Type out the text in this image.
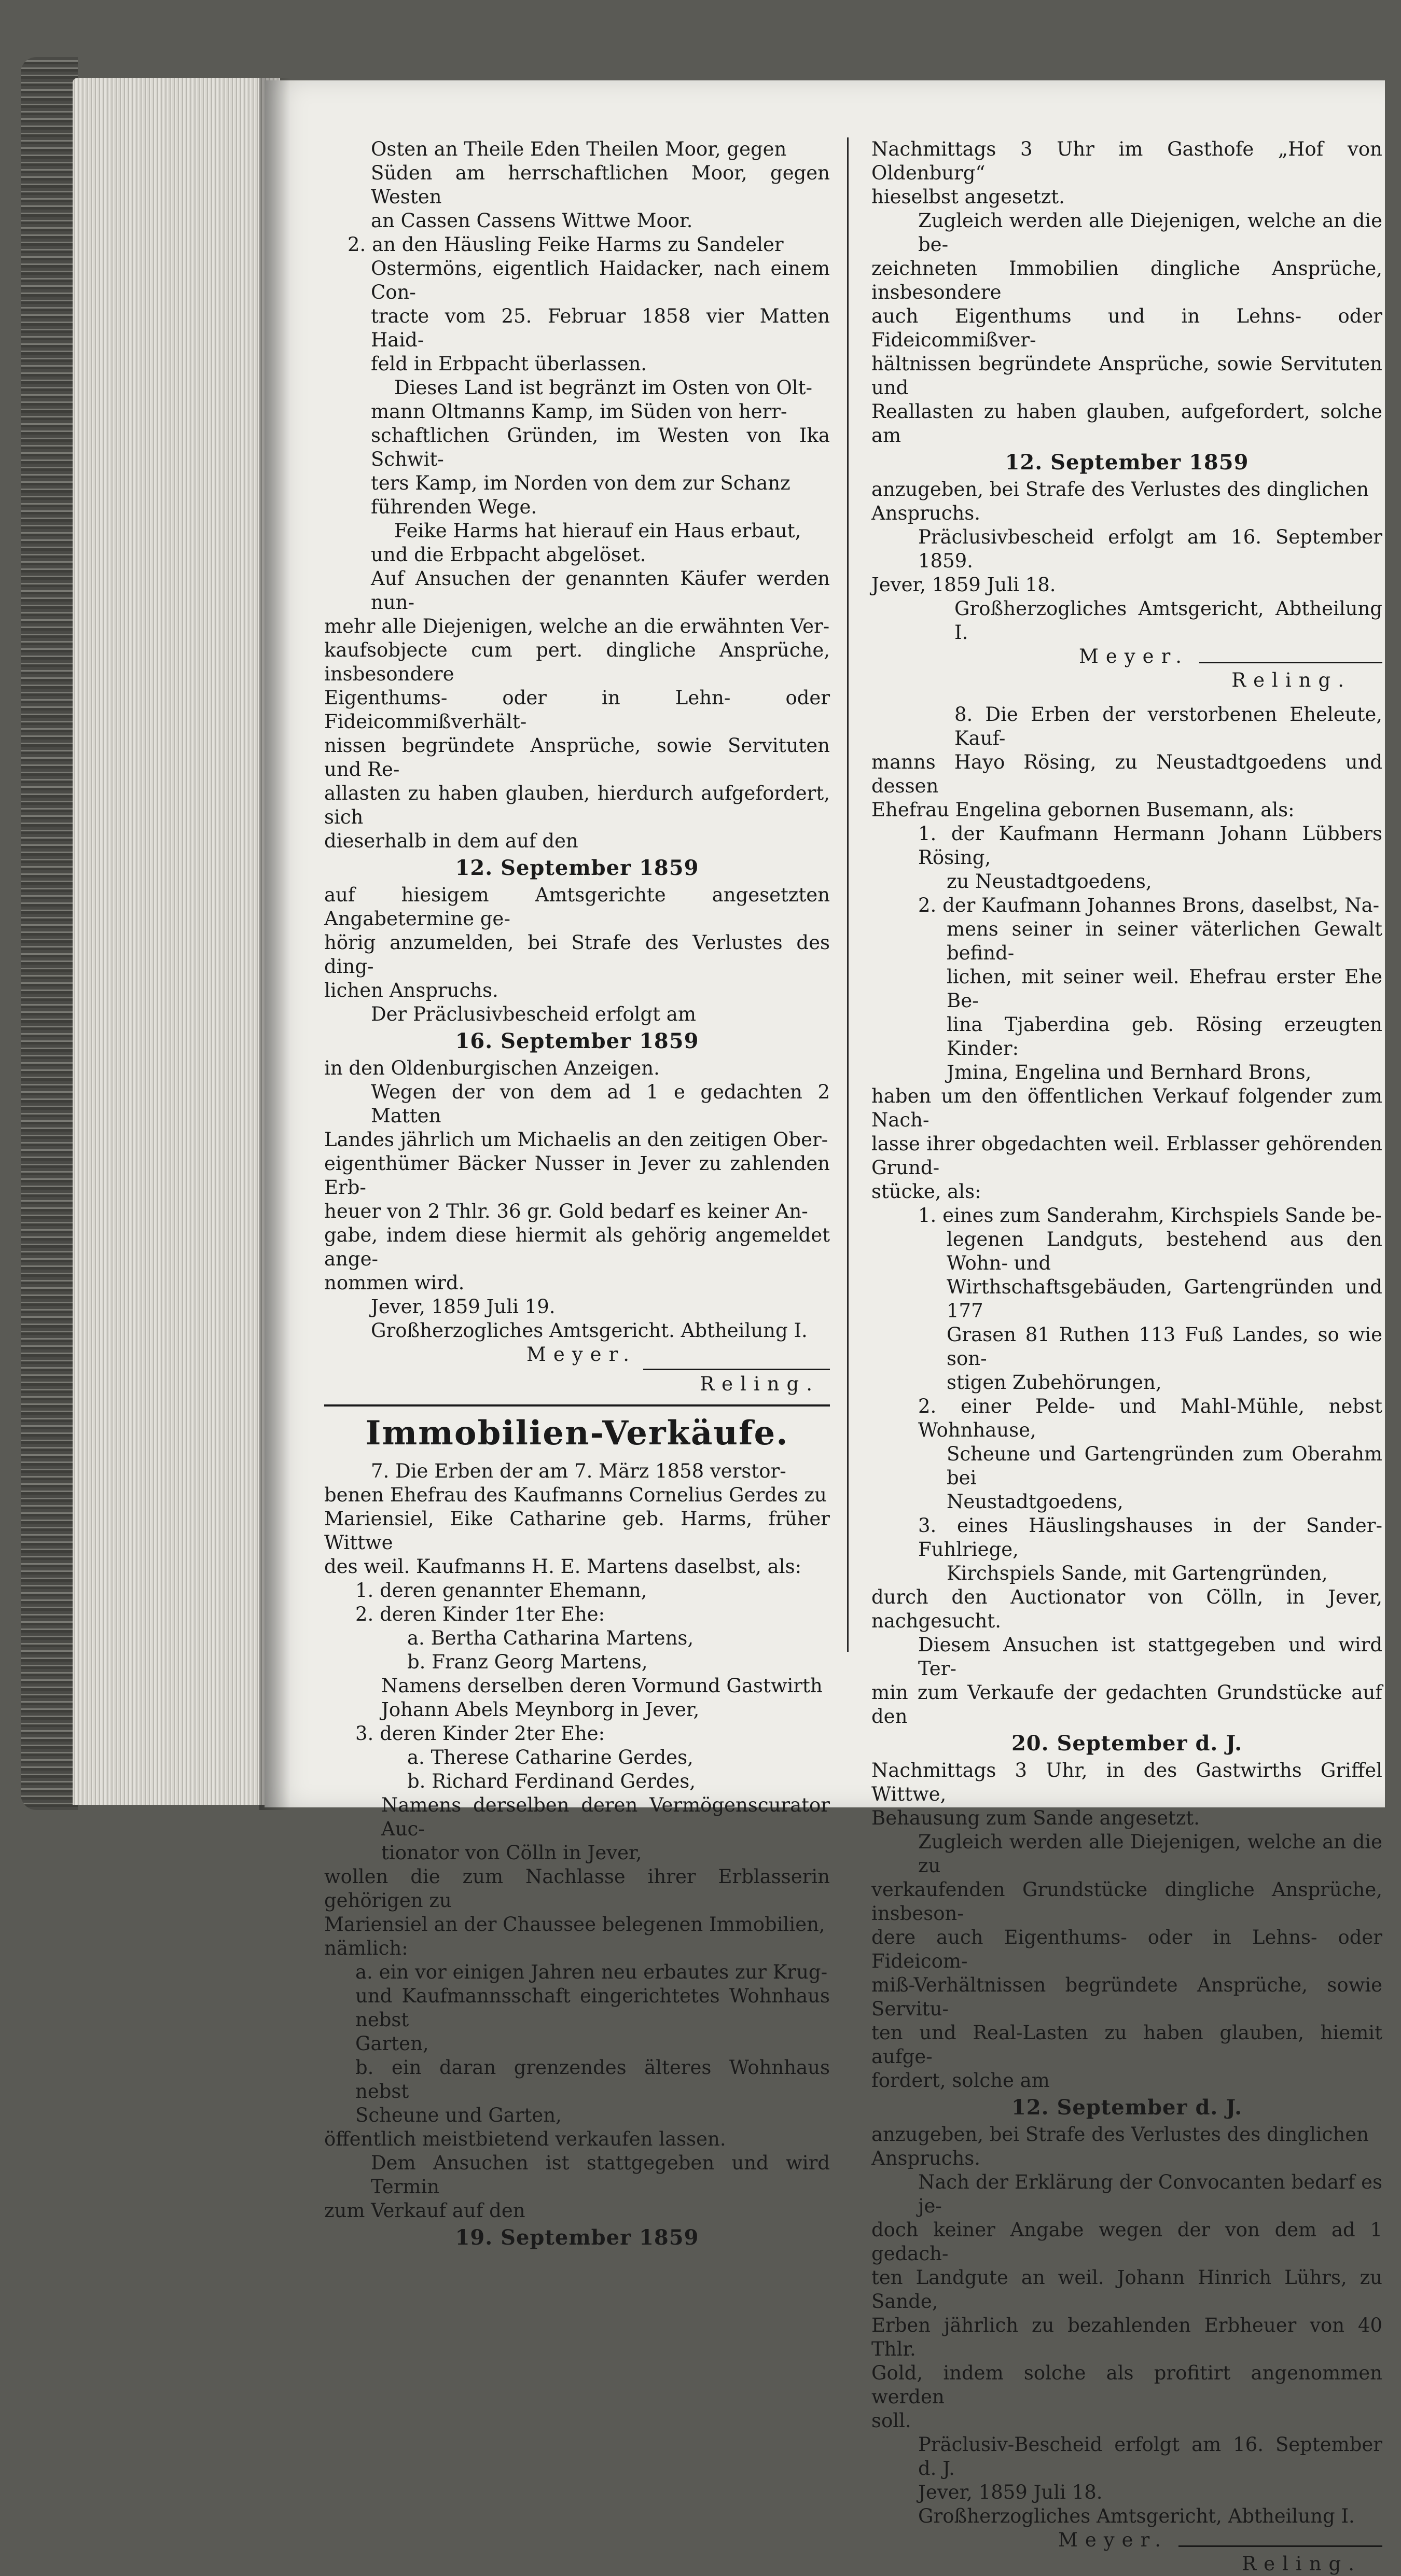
Osten an Theile Eden Theilen Moor, gegen

Süden am herrschaftlichen Moor, gegen Westen

an Cassen Cassens Wittwe Moor.

2. an den Häusling Feike Harms zu Sandeler

Ostermöns, eigentlich Haidacker, nach einem Con-

tracte vom 25. Februar 1858 vier Matten Haid-

feld in Erbpacht überlassen.

Dieses Land ist begränzt im Osten von Olt-

mann Oltmanns Kamp, im Süden von herr-

schaftlichen Gründen, im Westen von Ika Schwit-

ters Kamp, im Norden von dem zur Schanz

führenden Wege.

Feike Harms hat hierauf ein Haus erbaut,

und die Erbpacht abgelöset.

Auf Ansuchen der genannten Käufer werden nun-

mehr alle Diejenigen, welche an die erwähnten Ver-

kaufsobjecte cum pert. dingliche Ansprüche, insbesondere

Eigenthums- oder in Lehn- oder Fideicommißverhält-

nissen begründete Ansprüche, sowie Servituten und Re-

allasten zu haben glauben, hierdurch aufgefordert, sich

dieserhalb in dem auf den

12. September 1859

auf hiesigem Amtsgerichte angesetzten Angabetermine ge-

hörig anzumelden, bei Strafe des Verlustes des ding-

lichen Anspruchs.

Der Präclusivbescheid erfolgt am

16. September 1859

in den Oldenburgischen Anzeigen.

Wegen der von dem ad 1 e gedachten 2 Matten

Landes jährlich um Michaelis an den zeitigen Ober-

eigenthümer Bäcker Nusser in Jever zu zahlenden Erb-

heuer von 2 Thlr. 36 gr. Gold bedarf es keiner An-

gabe, indem diese hiermit als gehörig angemeldet ange-

nommen wird.

Jever, 1859 Juli 19.

Großherzogliches Amtsgericht. Abtheilung I.

Meyer.

Reling.

Immobilien-Verkäufe.

7. Die Erben der am 7. März 1858 verstor-

benen Ehefrau des Kaufmanns Cornelius Gerdes zu

Mariensiel, Eike Catharine geb. Harms, früher Wittwe

des weil. Kaufmanns H. E. Martens daselbst, als:

1. deren genannter Ehemann,

2. deren Kinder 1ter Ehe:

a. Bertha Catharina Martens,

b. Franz Georg Martens,

Namens derselben deren Vormund Gastwirth

Johann Abels Meynborg in Jever,

3. deren Kinder 2ter Ehe:

a. Therese Catharine Gerdes,

b. Richard Ferdinand Gerdes,

Namens derselben deren Vermögenscurator Auc-

tionator von Cölln in Jever,

wollen die zum Nachlasse ihrer Erblasserin gehörigen zu

Mariensiel an der Chaussee belegenen Immobilien,

nämlich:

a. ein vor einigen Jahren neu erbautes zur Krug-

und Kaufmannsschaft eingerichtetes Wohnhaus nebst

Garten,

b. ein daran grenzendes älteres Wohnhaus nebst

Scheune und Garten,

öffentlich meistbietend verkaufen lassen.

Dem Ansuchen ist stattgegeben und wird Termin

zum Verkauf auf den

19. September 1859

Nachmittags 3 Uhr im Gasthofe „Hof von Oldenburg“

hieselbst angesetzt.

Zugleich werden alle Diejenigen, welche an die be-

zeichneten Immobilien dingliche Ansprüche, insbesondere

auch Eigenthums und in Lehns- oder Fideicommißver-

hältnissen begründete Ansprüche, sowie Servituten und

Reallasten zu haben glauben, aufgefordert, solche am

12. September 1859

anzugeben, bei Strafe des Verlustes des dinglichen

Anspruchs.

Präclusivbescheid erfolgt am 16. September 1859.

Jever, 1859 Juli 18.

Großherzogliches Amtsgericht, Abtheilung I.

Meyer.

Reling.

8. Die Erben der verstorbenen Eheleute, Kauf-

manns Hayo Rösing, zu Neustadtgoedens und dessen

Ehefrau Engelina gebornen Busemann, als:

1. der Kaufmann Hermann Johann Lübbers Rösing,

zu Neustadtgoedens,

2. der Kaufmann Johannes Brons, daselbst, Na-

mens seiner in seiner väterlichen Gewalt befind-

lichen, mit seiner weil. Ehefrau erster Ehe Be-

lina Tjaberdina geb. Rösing erzeugten Kinder:

Jmina, Engelina und Bernhard Brons,

haben um den öffentlichen Verkauf folgender zum Nach-

lasse ihrer obgedachten weil. Erblasser gehörenden Grund-

stücke, als:

1. eines zum Sanderahm, Kirchspiels Sande be-

legenen Landguts, bestehend aus den Wohn- und

Wirthschaftsgebäuden, Gartengründen und 177

Grasen 81 Ruthen 113 Fuß Landes, so wie son-

stigen Zubehörungen,

2. einer Pelde- und Mahl-Mühle, nebst Wohnhause,

Scheune und Gartengründen zum Oberahm bei

Neustadtgoedens,

3. eines Häuslingshauses in der Sander-Fuhlriege,

Kirchspiels Sande, mit Gartengründen,

durch den Auctionator von Cölln, in Jever, nachgesucht.

Diesem Ansuchen ist stattgegeben und wird Ter-

min zum Verkaufe der gedachten Grundstücke auf den

20. September d. J.

Nachmittags 3 Uhr, in des Gastwirths Griffel Wittwe,

Behausung zum Sande angesetzt.

Zugleich werden alle Diejenigen, welche an die zu

verkaufenden Grundstücke dingliche Ansprüche, insbeson-

dere auch Eigenthums- oder in Lehns- oder Fideicom-

miß-Verhältnissen begründete Ansprüche, sowie Servitu-

ten und Real-Lasten zu haben glauben, hiemit aufge-

fordert, solche am

12. September d. J.

anzugeben, bei Strafe des Verlustes des dinglichen

Anspruchs.

Nach der Erklärung der Convocanten bedarf es je-

doch keiner Angabe wegen der von dem ad 1 gedach-

ten Landgute an weil. Johann Hinrich Lührs, zu Sande,

Erben jährlich zu bezahlenden Erbheuer von 40 Thlr.

Gold, indem solche als profitirt angenommen werden

soll.

Präclusiv-Bescheid erfolgt am 16. September d. J.

Jever, 1859 Juli 18.

Großherzogliches Amtsgericht, Abtheilung I.

Meyer.

Reling.
